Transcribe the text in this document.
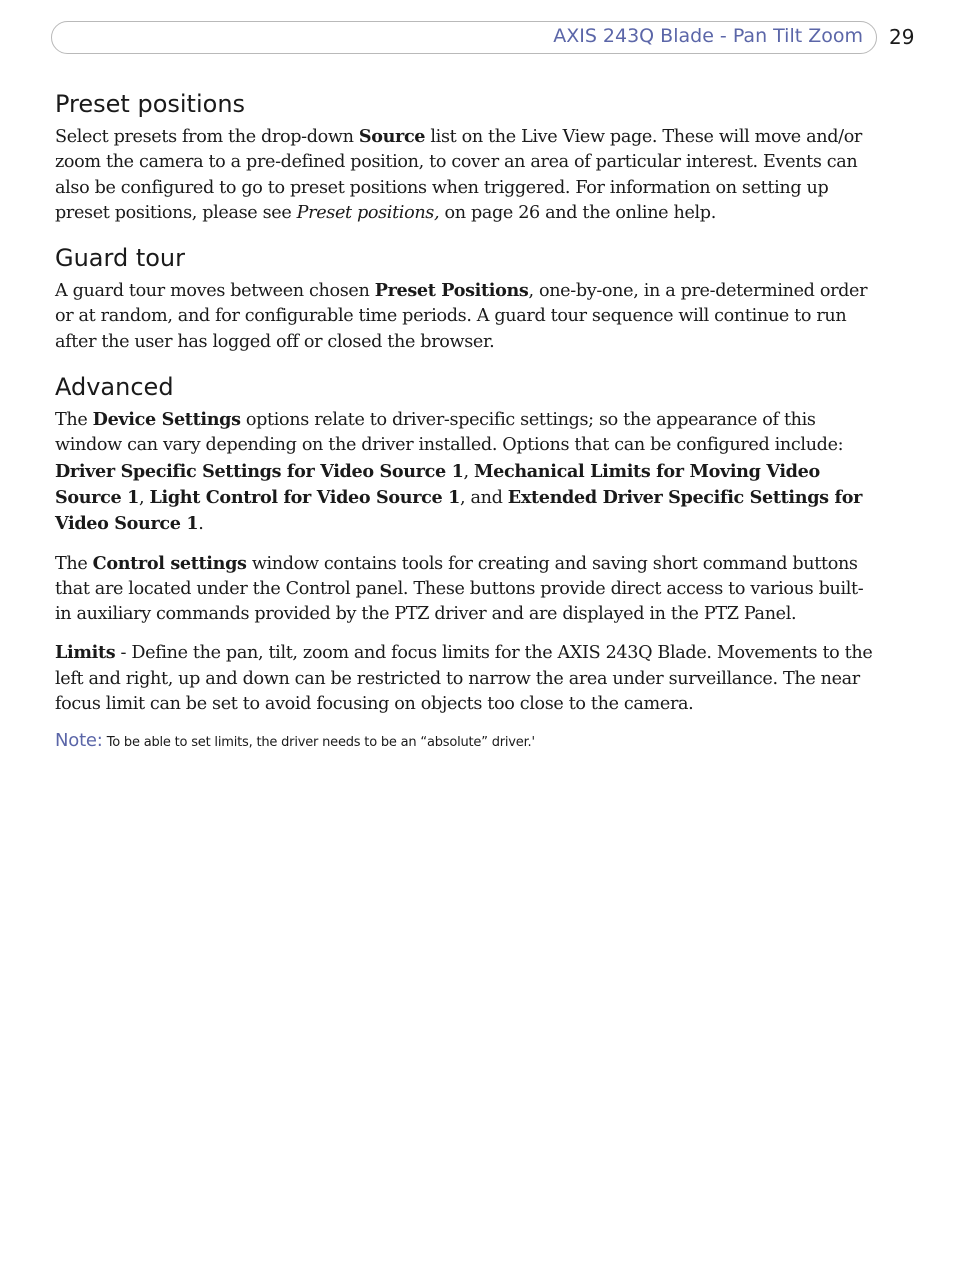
AXIS 243Q Blade - Pan Tilt Zoom 29
Preset positions

Select presets from the drop-down Source list on the Live View page. These will move and/or zoom the camera to a pre-defined position, to cover an area of particular interest. Events can also be configured to go to preset positions when triggered. For information on setting up preset positions, please see Preset positions, on page 26 and the online help.

Guard tour

A guard tour moves between chosen Preset Positions, one-by-one, in a pre-determined order or at random, and for configurable time periods. A guard tour sequence will continue to run after the user has logged off or closed the browser.

Advanced

The Device Settings options relate to driver-specific settings; so the appearance of this window can vary depending on the driver installed. Options that can be configured include: Driver Specific Settings for Video Source 1, Mechanical Limits for Moving Video Source 1, Light Control for Video Source 1, and Extended Driver Specific Settings for Video Source 1.

The Control settings window contains tools for creating and saving short command buttons that are located under the Control panel. These buttons provide direct access to various built-in auxiliary commands provided by the PTZ driver and are displayed in the PTZ Panel.

Limits - Define the pan, tilt, zoom and focus limits for the AXIS 243Q Blade. Movements to the left and right, up and down can be restricted to narrow the area under surveillance. The near focus limit can be set to avoid focusing on objects too close to the camera.

Note: To be able to set limits, the driver needs to be an “absolute” driver.'
